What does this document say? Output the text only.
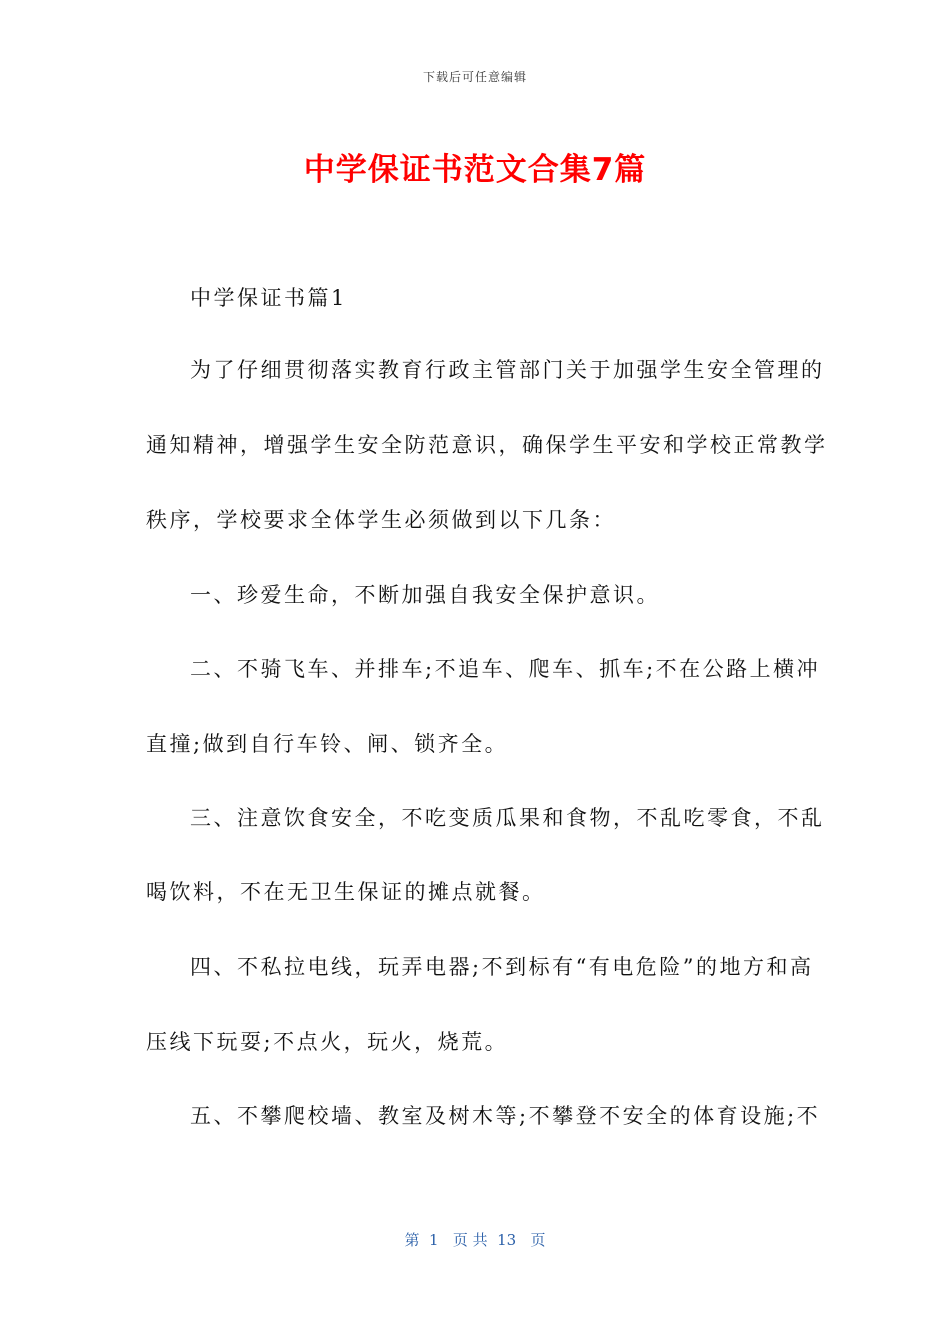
下载后可任意编辑
中学保证书范文合集7篇
中学保证书篇1
为了仔细贯彻落实教育行政主管部门关于加强学生安全管理的
通知精神，增强学生安全防范意识，确保学生平安和学校正常教学
秩序，学校要求全体学生必须做到以下几条：
一、珍爱生命，不断加强自我安全保护意识。
二、不骑飞车、并排车;不追车、爬车、抓车;不在公路上横冲
直撞;做到自行车铃、闸、锁齐全。
三、注意饮食安全，不吃变质瓜果和食物，不乱吃零食，不乱
喝饮料，不在无卫生保证的摊点就餐。
四、不私拉电线，玩弄电器;不到标有“有电危险”的地方和高
压线下玩耍;不点火，玩火，烧荒。
五、不攀爬校墙、教室及树木等;不攀登不安全的体育设施;不
第  1   页 共  13   页
